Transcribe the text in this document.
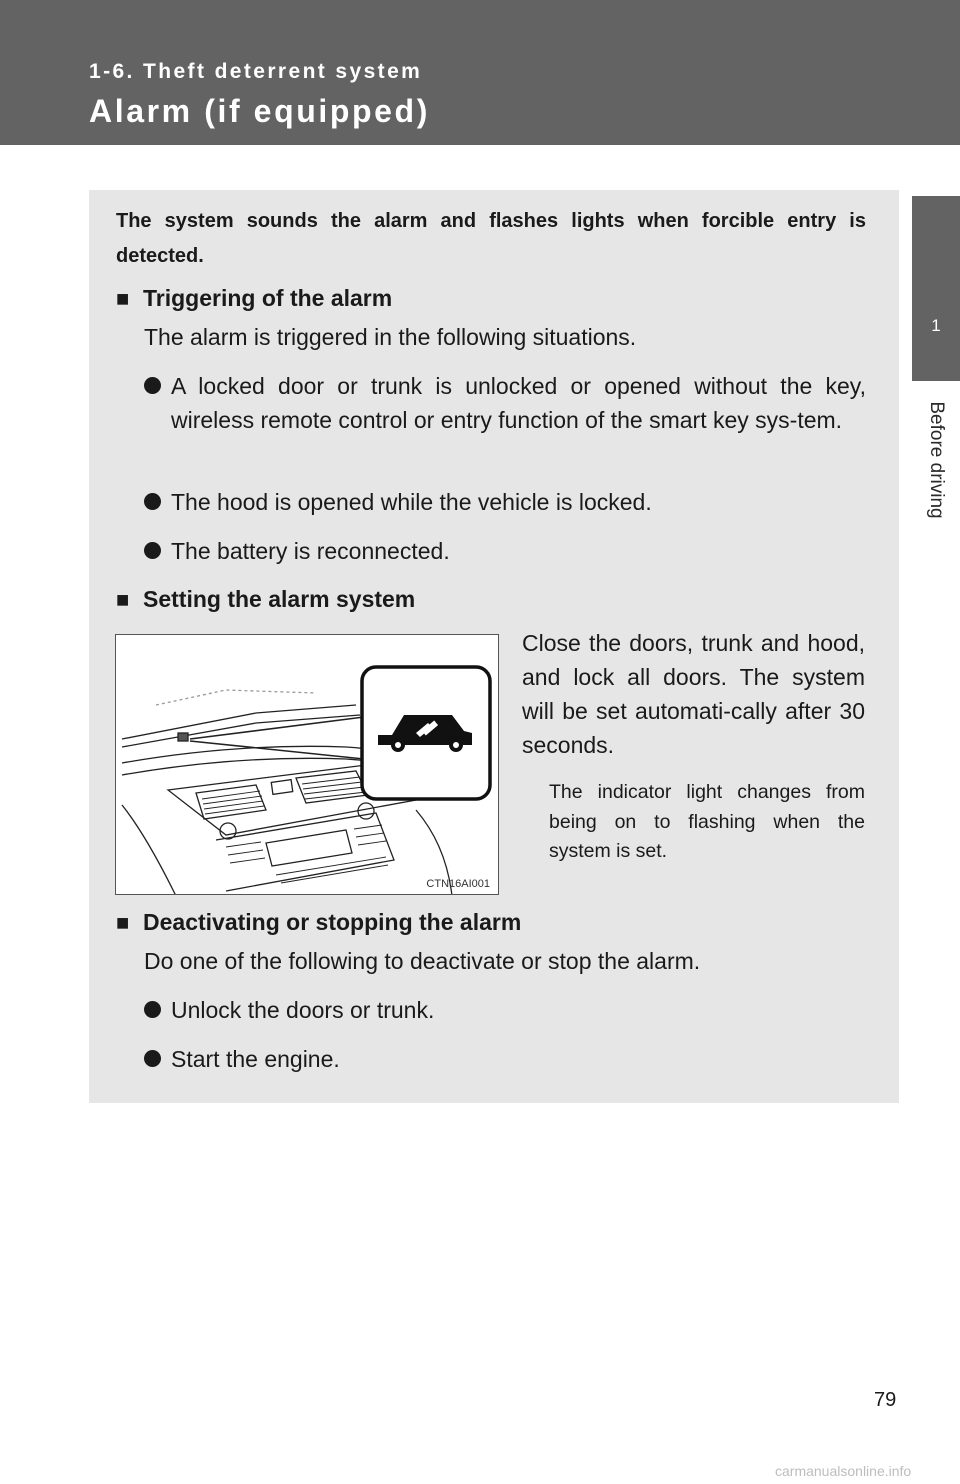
1-6. Theft deterrent system
Alarm (if equipped)
1
Before driving

The system sounds the alarm and flashes lights when forcible entry is detected.

■ Triggering of the alarm

The alarm is triggered in the following situations.

A locked door or trunk is unlocked or opened without the key, wireless remote control or entry function of the smart key sys-tem.
The hood is opened while the vehicle is locked.
The battery is reconnected.
■ Setting the alarm system
CTN16AI001

Close the doors, trunk and hood, and lock all doors. The system will be set automati-cally after 30 seconds.

The indicator light changes from being on to flashing when the system is set.

■ Deactivating or stopping the alarm

Do one of the following to deactivate or stop the alarm.

Unlock the doors or trunk.
Start the engine.
79
carmanualsonline.info
